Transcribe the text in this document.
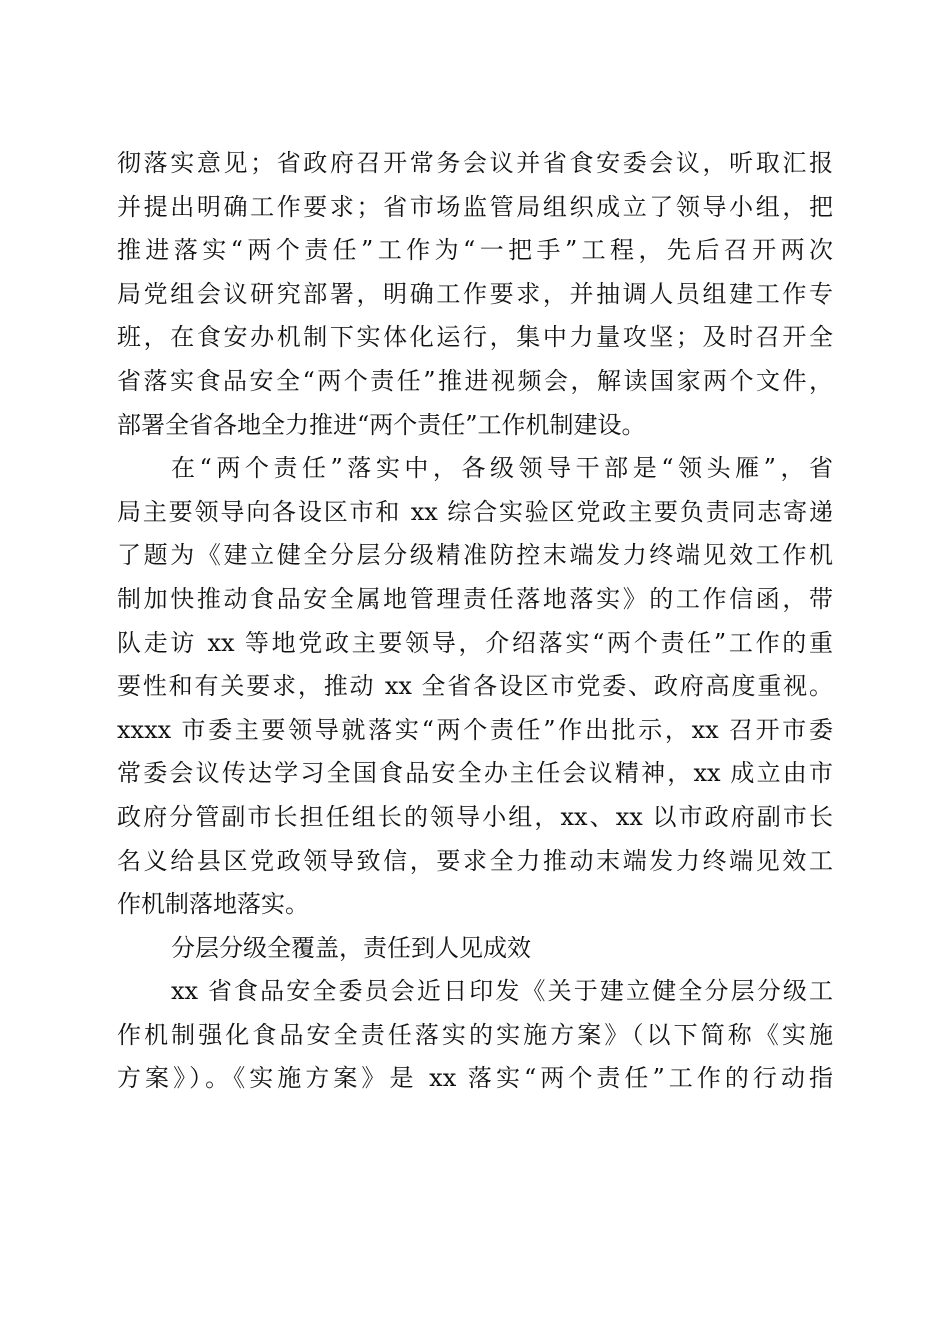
彻落实意见；省政府召开常务会议并省食安委会议，听取汇报
并提出明确工作要求；省市场监管局组织成立了领导小组，把
推进落实“两个责任”工作为“一把手”工程，先后召开两次
局党组会议研究部署，明确工作要求，并抽调人员组建工作专
班，在食安办机制下实体化运行，集中力量攻坚；及时召开全
省落实食品安全“两个责任”推进视频会，解读国家两个文件，
部署全省各地全力推进“两个责任”工作机制建设。
在“两个责任”落实中，各级领导干部是“领头雁”，省
局主要领导向各设区市和 xx 综合实验区党政主要负责同志寄递
了题为《建立健全分层分级精准防控末端发力终端见效工作机
制加快推动食品安全属地管理责任落地落实》的工作信函，带
队走访 xx 等地党政主要领导，介绍落实“两个责任”工作的重
要性和有关要求，推动 xx 全省各设区市党委、政府高度重视。
xxxx 市委主要领导就落实“两个责任”作出批示，xx 召开市委
常委会议传达学习全国食品安全办主任会议精神，xx 成立由市
政府分管副市长担任组长的领导小组，xx、xx 以市政府副市长
名义给县区党政领导致信，要求全力推动末端发力终端见效工
作机制落地落实。
分层分级全覆盖，责任到人见成效
xx 省食品安全委员会近日印发《关于建立健全分层分级工
作机制强化食品安全责任落实的实施方案》（以下简称《实施
方案》）。《实施方案》是 xx 落实“两个责任”工作的行动指
